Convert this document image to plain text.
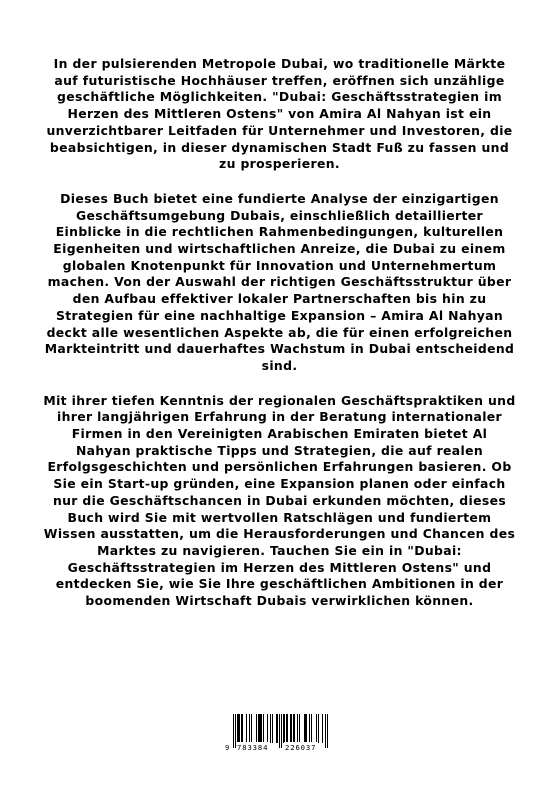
In der pulsierenden Metropole Dubai, wo traditionelle Märkte auf futuristische Hochhäuser treffen, eröffnen sich unzählige geschäftliche Möglichkeiten. "Dubai: Geschäftsstrategien im Herzen des Mittleren Ostens" von Amira Al Nahyan ist ein unverzichtbarer Leitfaden für Unternehmer und Investoren, die beabsichtigen, in dieser dynamischen Stadt Fuß zu fassen und zu prosperieren.

Dieses Buch bietet eine fundierte Analyse der einzigartigen Geschäftsumgebung Dubais, einschließlich detaillierter Einblicke in die rechtlichen Rahmenbedingungen, kulturellen Eigenheiten und wirtschaftlichen Anreize, die Dubai zu einem globalen Knotenpunkt für Innovation und Unternehmertum machen. Von der Auswahl der richtigen Geschäftsstruktur über den Aufbau effektiver lokaler Partnerschaften bis hin zu Strategien für eine nachhaltige Expansion – Amira Al Nahyan deckt alle wesentlichen Aspekte ab, die für einen erfolgreichen Markteintritt und dauerhaftes Wachstum in Dubai entscheidend sind.

Mit ihrer tiefen Kenntnis der regionalen Geschäftspraktiken und ihrer langjährigen Erfahrung in der Beratung internationaler Firmen in den Vereinigten Arabischen Emiraten bietet Al Nahyan praktische Tipps und Strategien, die auf realen Erfolgsgeschichten und persönlichen Erfahrungen basieren. Ob Sie ein Start-up gründen, eine Expansion planen oder einfach nur die Geschäftschancen in Dubai erkunden möchten, dieses Buch wird Sie mit wertvollen Ratschlägen und fundiertem Wissen ausstatten, um die Herausforderungen und Chancen des Marktes zu navigieren. Tauchen Sie ein in "Dubai: Geschäftsstrategien im Herzen des Mittleren Ostens" und entdecken Sie, wie Sie Ihre geschäftlichen Ambitionen in der boomenden Wirtschaft Dubais verwirklichen können.

9 783384 226037
